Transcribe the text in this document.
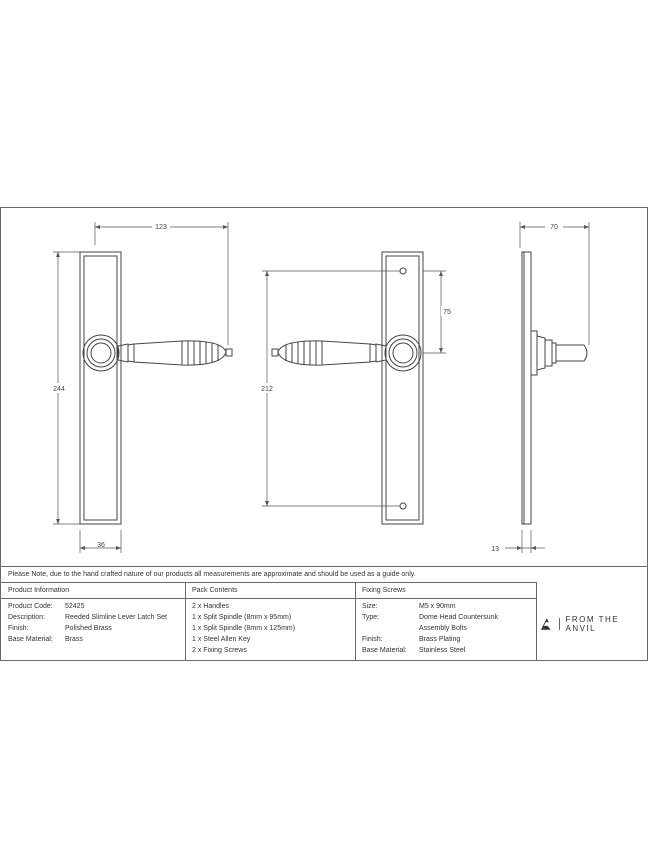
123
244
36
75
212
70
13
Please Note, due to the hand crafted nature of our products all measurements are approximate and should be used as a guide only.
Product Information
Product Code: 52425
Description:	Reeded Slimline Lever Latch Set
Finish:	Polished Brass
Base Material: Brass
Pack Contents
2 x Handles
1 x Split Spindle (8mm x 95mm)
1 x Split Spindle (8mm x 125mm)
1 x Steel Allen Key
2 x Fixing Screws
Fixing Screws
Size:	M5 x 90mm
Type:	Dome Head Countersunk
Assembly Bolts
Finish:	Brass Plating
Base Material: Stainless Steel
FROM THE ANVIL
